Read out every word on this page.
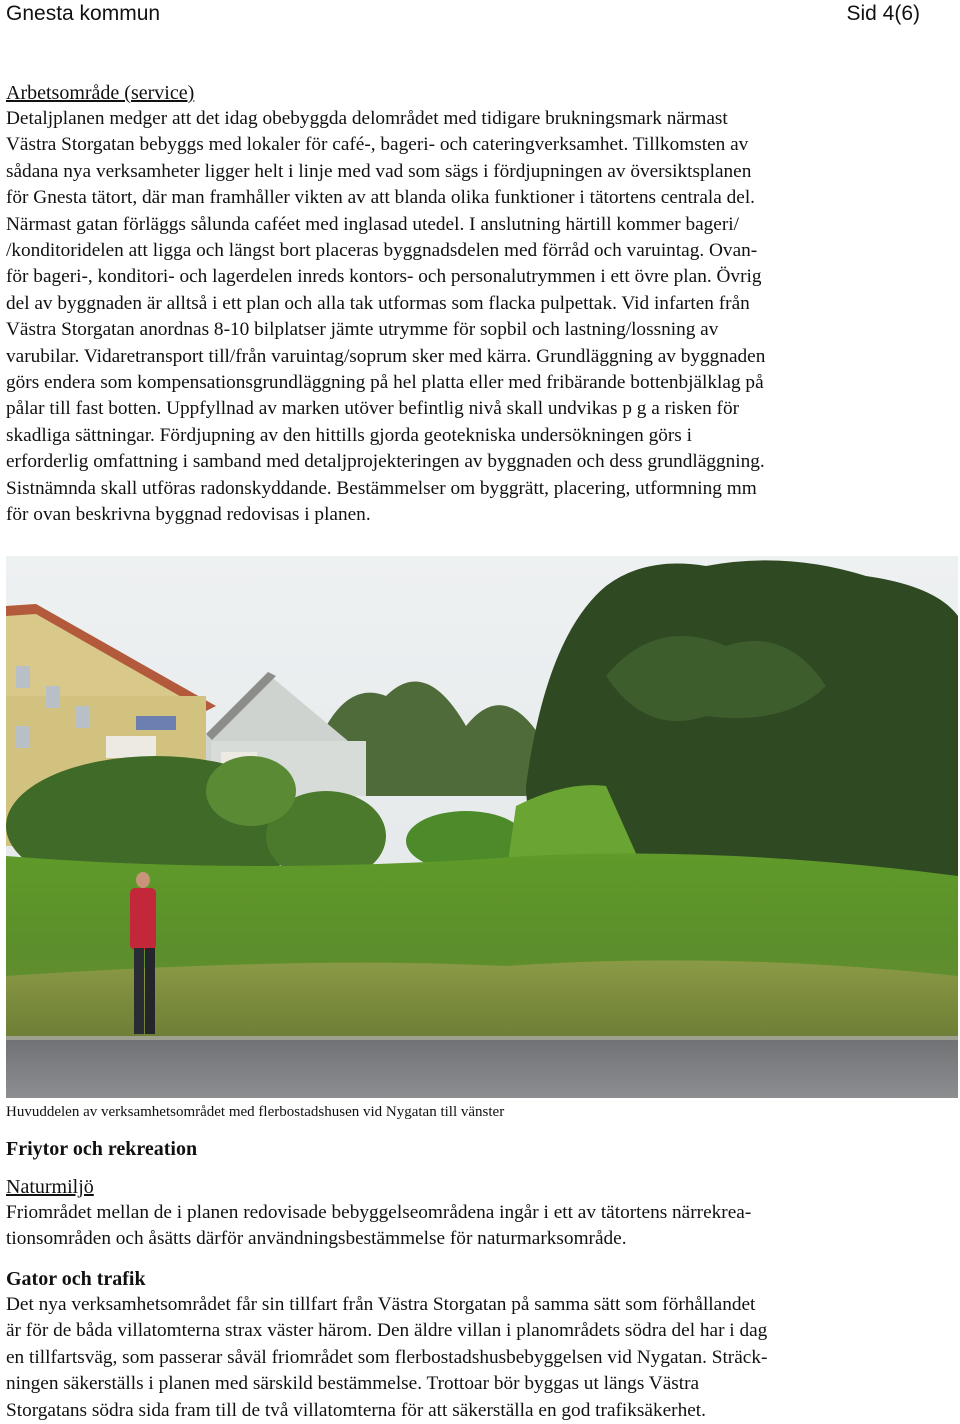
Gnesta kommun	Sid 4(6)
Arbetsområde (service)
Detaljplanen medger att det idag obebyggda delområdet med tidigare brukningsmark närmast
Västra Storgatan bebyggs med lokaler för café-, bageri- och cateringverksamhet. Tillkomsten av
sådana nya verksamheter ligger helt i linje med vad som sägs i fördjupningen av översiktsplanen
för Gnesta tätort, där man framhåller vikten av att blanda olika funktioner i tätortens centrala del.
Närmast gatan förläggs sålunda caféet med inglasad utedel. I anslutning härtill kommer bageri/
/konditoridelen att ligga och längst bort placeras byggnadsdelen med förråd och varuintag. Ovan-
för bageri-, konditori- och lagerdelen inreds kontors- och personalutrymmen i ett övre plan. Övrig
del av byggnaden är alltså i ett plan och alla tak utformas som flacka pulpettak. Vid infarten från
Västra Storgatan anordnas 8-10 bilplatser jämte utrymme för sopbil och lastning/lossning av
varubilar. Vidaretransport till/från varuintag/soprum sker med kärra. Grundläggning av byggnaden
görs endera som kompensationsgrundläggning på hel platta eller med fribärande bottenbjälklag på
pålar till fast botten. Uppfyllnad av marken utöver befintlig nivå skall undvikas p g a risken för
skadliga sättningar. Fördjupning av den hittills gjorda geotekniska undersökningen görs i
erforderlig omfattning i samband med detaljprojekteringen av byggnaden och dess grundläggning.
Sistnämnda skall utföras radonskyddande. Bestämmelser om byggrätt, placering, utformning mm
för ovan beskrivna byggnad redovisas i planen.
Huvuddelen av verksamhetsområdet med flerbostadshusen vid Nygatan till vänster
Friytor och rekreation
Naturmiljö
Friområdet mellan de i planen redovisade bebyggelseområdena ingår i ett av tätortens närrekrea-
tionsområden och åsätts därför användningsbestämmelse för naturmarksområde.
Gator och trafik
Det nya verksamhetsområdet får sin tillfart från Västra Storgatan på samma sätt som förhållandet
är för de båda villatomterna strax väster härom. Den äldre villan i planområdets södra del har i dag
en tillfartsväg, som passerar såväl friområdet som flerbostadshusbebyggelsen vid Nygatan. Sträck-
ningen säkerställs i planen med särskild bestämmelse. Trottoar bör byggas ut längs Västra
Storgatans södra sida fram till de två villatomterna för att säkerställa en god trafiksäkerhet.
